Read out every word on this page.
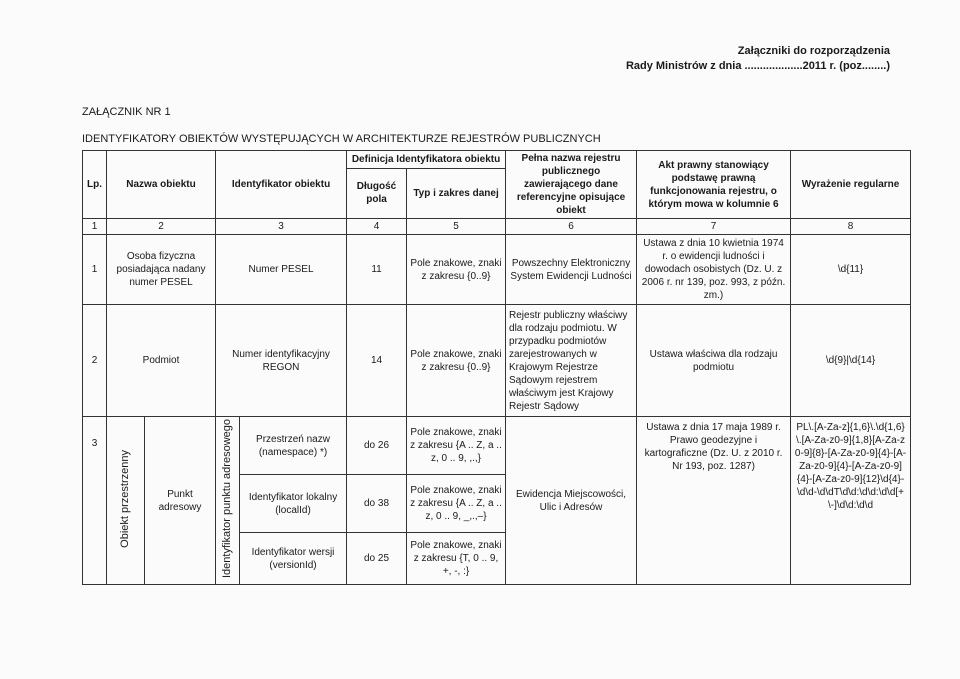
Załączniki do rozporządzenia
Rady Ministrów z dnia ...................2011 r. (poz........)
ZAŁĄCZNIK NR 1
IDENTYFIKATORY OBIEKTÓW WYSTĘPUJĄCYCH W ARCHITEKTURZE REJESTRÓW PUBLICZNYCH
Lp.	Nazwa obiektu		Identyfikator obiektu		Definicja Identyfikatora obiektu		Pełna nazwa rejestru publicznego zawierającego dane referencyjne opisujące obiekt	Akt prawny stanowiący podstawę prawną funkcjonowania rejestru, o którym mowa w kolumnie 6	Wyrażenie regularne
					Długość pola	Typ i zakres danej			
1	2		3		4	5	6	7	8
1	Osoba fizyczna posiadająca nadany numer PESEL		Numer PESEL		11	Pole znakowe, znaki z zakresu {0..9}	Powszechny Elektroniczny System Ewidencji Ludności	Ustawa z dnia 10 kwietnia 1974 r. o ewidencji ludności i dowodach osobistych (Dz. U. z 2006 r. nr 139, poz. 993, z późn. zm.)	\d{11}
2	Podmiot		Numer identyfikacyjny REGON		14	Pole znakowe, znaki z zakresu {0..9}	Rejestr publiczny właściwy dla rodzaju podmiotu. W przypadku podmiotów zarejestrowanych w Krajowym Rejestrze Sądowym rejestrem właściwym jest Krajowy Rejestr Sądowy	Ustawa właściwa dla rodzaju podmiotu	\d{9}|\d{14}
3	Obiekt przestrzenny	Punkt adresowy	Identyfikator punktu adresowego	Przestrzeń nazw (namespace) *)	do 26	Pole znakowe, znaki z zakresu {A .. Z, a .. z, 0 .. 9, ,.,}	Ewidencja Miejscowości, Ulic i Adresów	Ustawa z dnia 17 maja 1989 r. Prawo geodezyjne i kartograficzne (Dz. U. z 2010 r. Nr 193, poz. 1287)	PL\.[A-Za-z]{1,6}\.\d{1,6}\.[A-Za-z0-9]{1,8}[A-Za-z0-9]{8}-[A-Za-z0-9]{4}-[A-Za-z0-9]{4}-[A-Za-z0-9]{4}-[A-Za-z0-9]{12}\d{4}-\d\d-\d\dT\d\d:\d\d:\d\d[+\-]\d\d:\d\d
				Identyfikator lokalny (localId)	do 38	Pole znakowe, znaki z zakresu {A .. Z, a .. z, 0 .. 9, _,.,–}			
				Identyfikator wersji (versionId)	do 25	Pole znakowe, znaki z zakresu {T, 0 .. 9, +, -, :}			
